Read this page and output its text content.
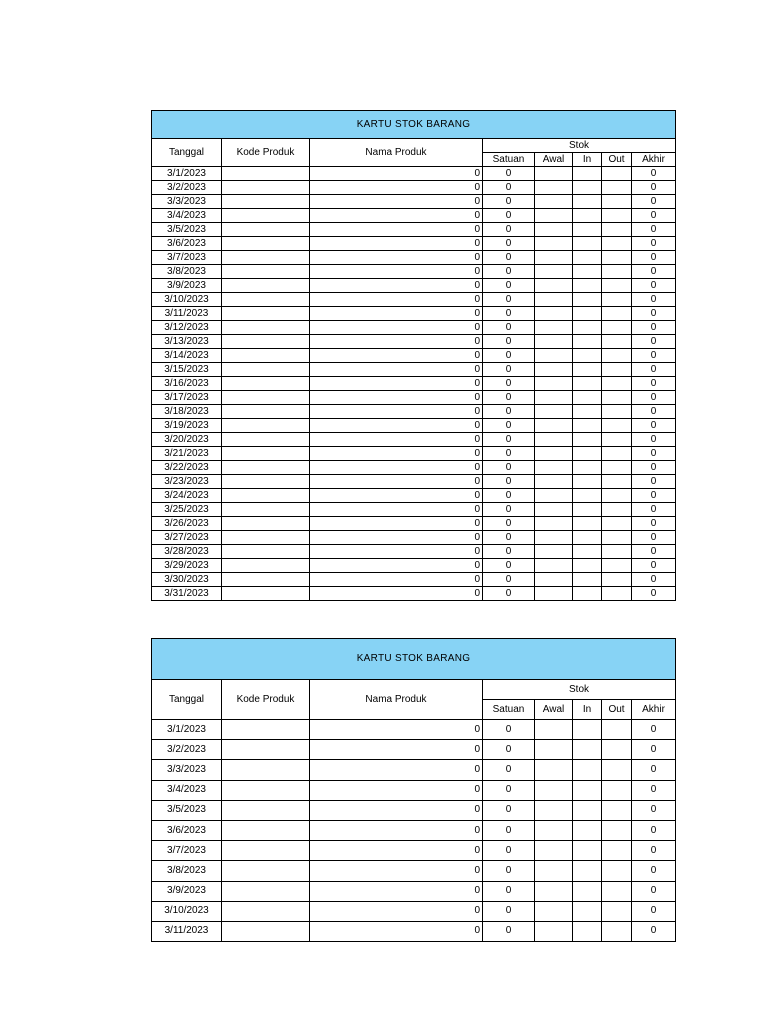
KARTU STOK BARANG							
Tanggal	Kode Produk	Nama Produk	Stok				
			Satuan	Awal	In	Out	Akhir
3/1/2023		0	0				0
3/2/2023		0	0				0
3/3/2023		0	0				0
3/4/2023		0	0				0
3/5/2023		0	0				0
3/6/2023		0	0				0
3/7/2023		0	0				0
3/8/2023		0	0				0
3/9/2023		0	0				0
3/10/2023		0	0				0
3/11/2023		0	0				0
3/12/2023		0	0				0
3/13/2023		0	0				0
3/14/2023		0	0				0
3/15/2023		0	0				0
3/16/2023		0	0				0
3/17/2023		0	0				0
3/18/2023		0	0				0
3/19/2023		0	0				0
3/20/2023		0	0				0
3/21/2023		0	0				0
3/22/2023		0	0				0
3/23/2023		0	0				0
3/24/2023		0	0				0
3/25/2023		0	0				0
3/26/2023		0	0				0
3/27/2023		0	0				0
3/28/2023		0	0				0
3/29/2023		0	0				0
3/30/2023		0	0				0
3/31/2023		0	0				0
KARTU STOK BARANG							
Tanggal	Kode Produk	Nama Produk	Stok				
			Satuan	Awal	In	Out	Akhir
3/1/2023		0	0				0
3/2/2023		0	0				0
3/3/2023		0	0				0
3/4/2023		0	0				0
3/5/2023		0	0				0
3/6/2023		0	0				0
3/7/2023		0	0				0
3/8/2023		0	0				0
3/9/2023		0	0				0
3/10/2023		0	0				0
3/11/2023		0	0				0
